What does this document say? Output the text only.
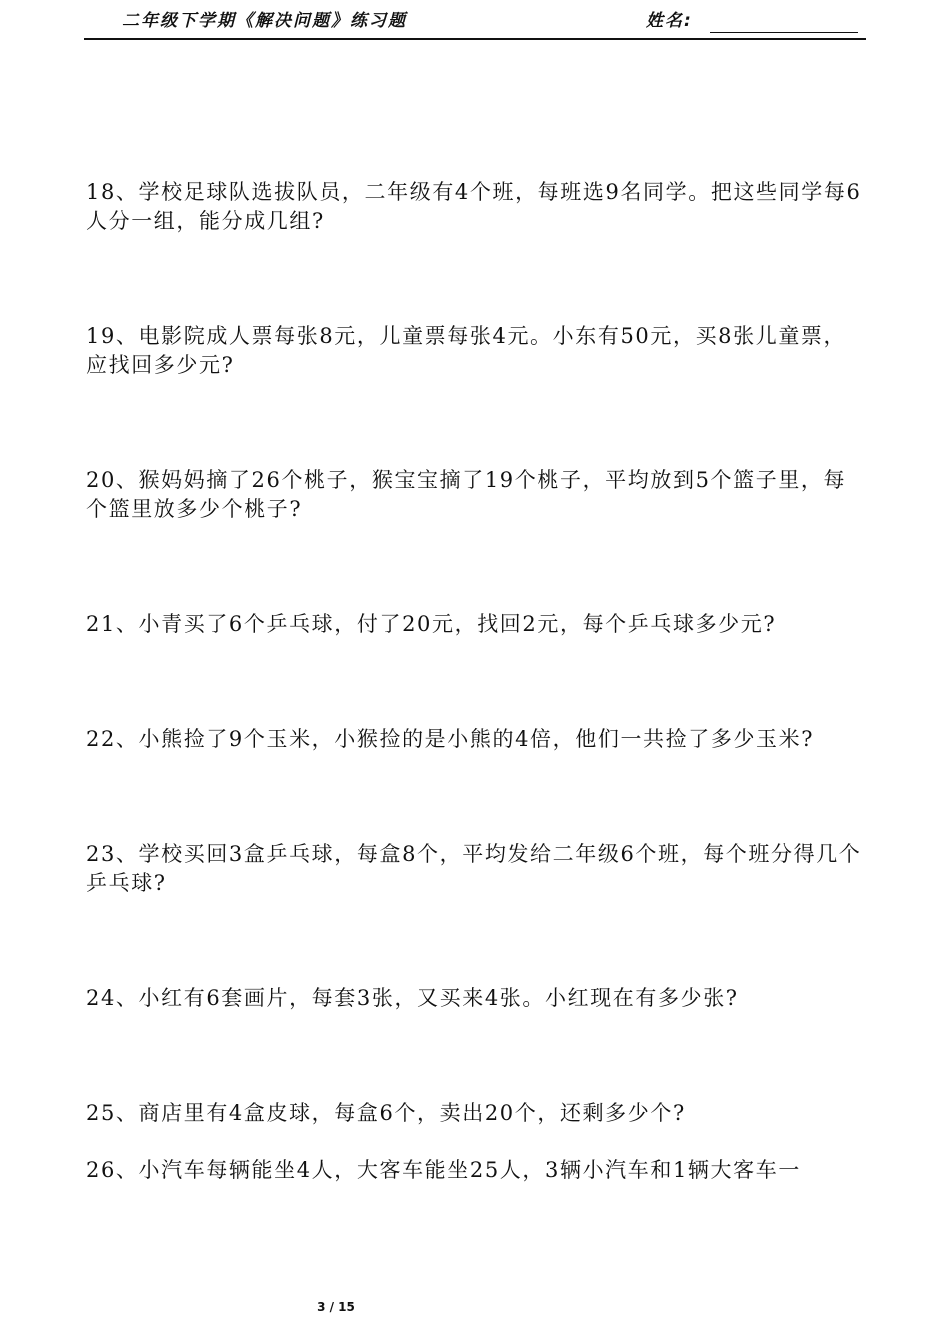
二年级下学期《解决问题》练习题	姓名:
18、学校足球队选拔队员，二年级有4个班，每班选9名同学。把这些同学每6人分一组，能分成几组?
19、电影院成人票每张8元，儿童票每张4元。小东有50元，买8张儿童票，应找回多少元?
20、猴妈妈摘了26个桃子，猴宝宝摘了19个桃子，平均放到5个篮子里，每个篮里放多少个桃子?
21、小青买了6个乒乓球，付了20元，找回2元，每个乒乓球多少元?
22、小熊捡了9个玉米，小猴捡的是小熊的4倍，他们一共捡了多少玉米?
23、学校买回3盒乒乓球，每盒8个，平均发给二年级6个班，每个班分得几个乒乓球?
24、小红有6套画片，每套3张，又买来4张。小红现在有多少张?
25、商店里有4盒皮球，每盒6个，卖出20个，还剩多少个?
26、小汽车每辆能坐4人，大客车能坐25人，3辆小汽车和1辆大客车一
3 / 15
